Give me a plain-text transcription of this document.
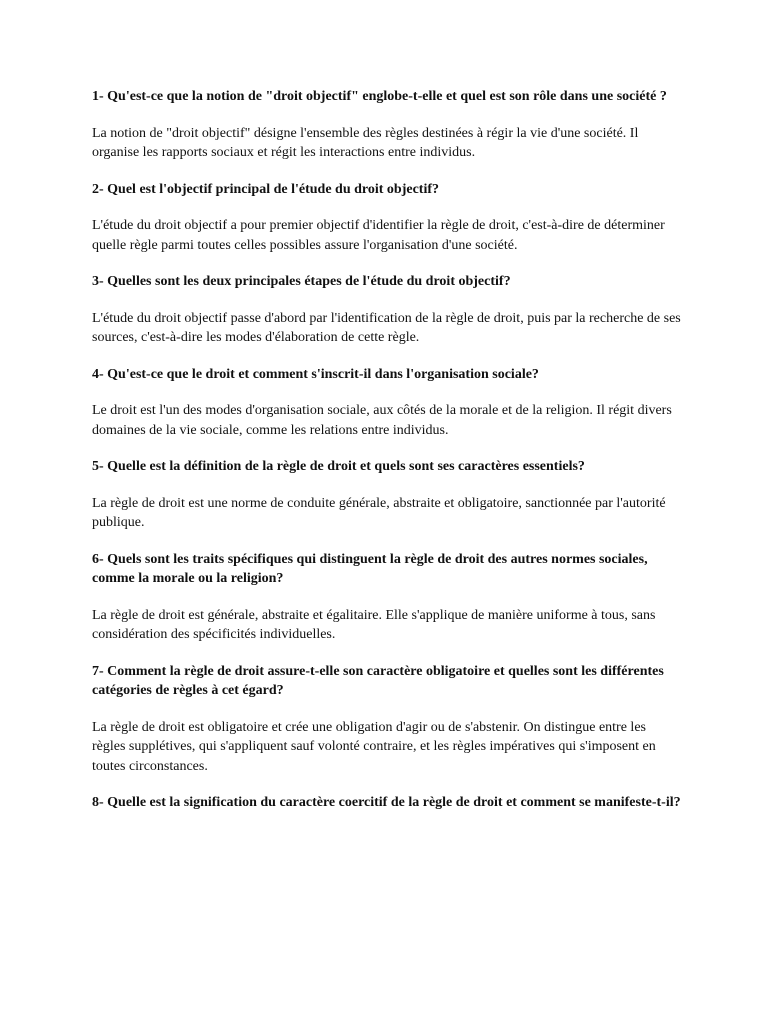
1- Qu'est-ce que la notion de "droit objectif" englobe-t-elle et quel est son rôle dans une société ?

La notion de "droit objectif" désigne l'ensemble des règles destinées à régir la vie d'une société. Il organise les rapports sociaux et régit les interactions entre individus.

2- Quel est l'objectif principal de l'étude du droit objectif?

L'étude du droit objectif a pour premier objectif d'identifier la règle de droit, c'est-à-dire de déterminer quelle règle parmi toutes celles possibles assure l'organisation d'une société.

3- Quelles sont les deux principales étapes de l'étude du droit objectif?

L'étude du droit objectif passe d'abord par l'identification de la règle de droit, puis par la recherche de ses sources, c'est-à-dire les modes d'élaboration de cette règle.

4- Qu'est-ce que le droit et comment s'inscrit-il dans l'organisation sociale?

Le droit est l'un des modes d'organisation sociale, aux côtés de la morale et de la religion. Il régit divers domaines de la vie sociale, comme les relations entre individus.

5- Quelle est la définition de la règle de droit et quels sont ses caractères essentiels?

La règle de droit est une norme de conduite générale, abstraite et obligatoire, sanctionnée par l'autorité publique.

6- Quels sont les traits spécifiques qui distinguent la règle de droit des autres normes sociales, comme la morale ou la religion?

La règle de droit est générale, abstraite et égalitaire. Elle s'applique de manière uniforme à tous, sans considération des spécificités individuelles.

7- Comment la règle de droit assure-t-elle son caractère obligatoire et quelles sont les différentes catégories de règles à cet égard?

La règle de droit est obligatoire et crée une obligation d'agir ou de s'abstenir. On distingue entre les règles supplétives, qui s'appliquent sauf volonté contraire, et les règles impératives qui s'imposent en toutes circonstances.

8- Quelle est la signification du caractère coercitif de la règle de droit et comment se manifeste-t-il?
